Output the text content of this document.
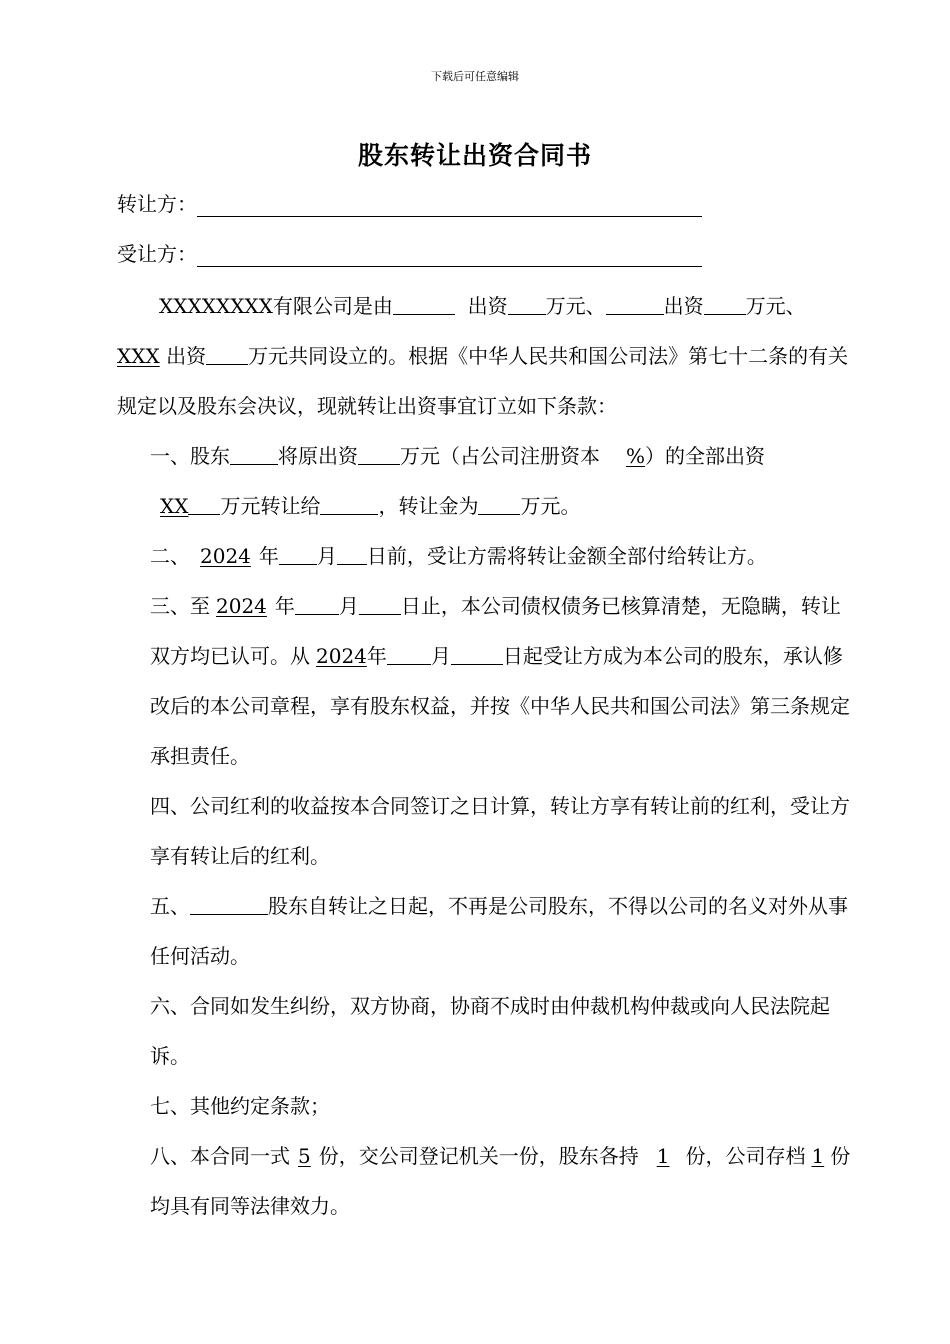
下载后可任意编辑
股东转让出资合同书
转让方：
受让方：

XXXXXXXX有限公司是由	出资 万元、	出资 万元、XXX 出资 万元共同设立的。根据《中华人民共和国公司法》第七十二条的有关规定以及股东会决议，现就转让出资事宜订立如下条款：

一、股东 将原出资 万元（占公司注册资本 %）的全部出资
XX 万元转让给	，转让金为 万元。

二、 2024 年 月 日前，受让方需将转让金额全部付给转让方。

三、至 2024 年 月 日止，本公司债权债务已核算清楚，无隐瞒，转让双方均已认可。从 2024年 月	日起受让方成为本公司的股东，承认修改后的本公司章程，享有股东权益，并按《中华人民共和国公司法》第三条规定承担责任。

四、公司红利的收益按本合同签订之日计算，转让方享有转让前的红利，受让方享有转让后的红利。

五、	股东自转让之日起，不再是公司股东，不得以公司的名义对外从事任何活动。

六、合同如发生纠纷，双方协商，协商不成时由仲裁机构仲裁或向人民法院起诉。

七、其他约定条款；

八、本合同一式 5 份，交公司登记机关一份，股东各持 1 份，公司存档 1 份均具有同等法律效力。
